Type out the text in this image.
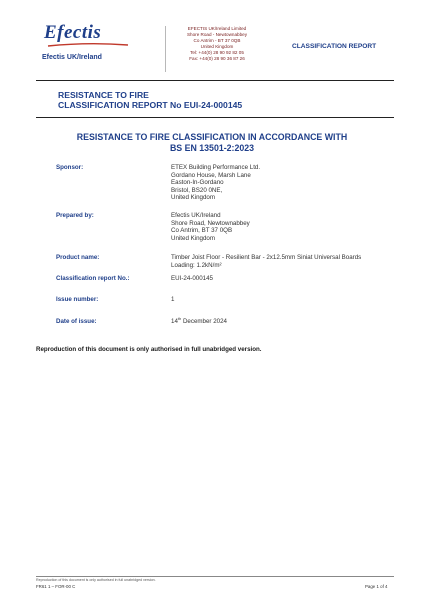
Efectis
Efectis UK/Ireland
EFECTIS UK/Ireland Limited
Shore Road - Newtownabbey
Co Antrim - BT 37 0QB
United Kingdom
Tel: +44(0) 28 90 92 82 05
Fax: +44(0) 28 90 36 87 26
CLASSIFICATION REPORT
RESISTANCE TO FIRE
CLASSIFICATION REPORT No EUI-24-000145
RESISTANCE TO FIRE CLASSIFICATION IN ACCORDANCE WITH
BS EN 13501-2:2023
Sponsor:	ETEX Building Performance Ltd.
Gordano House, Marsh Lane
Easton-In-Gordano
Bristol, BS20 0NE,
United Kingdom
Prepared by:	Efectis UK/Ireland
Shore Road, Newtownabbey
Co Antrim, BT 37 0QB
United Kingdom
Product name:	Timber Joist Floor - Resilient Bar - 2x12.5mm Siniat Universal Boards
Loading: 1.2kN/m²
Classification report No.:	EUI-24-000145
Issue number:	1
Date of issue:	14th December 2024
Reproduction of this document is only authorised in full unabridged version.
Reproduction of this document is only authorised in full unabridged version.
FR61 1 – FOR-00 C	Page 1 of 4
